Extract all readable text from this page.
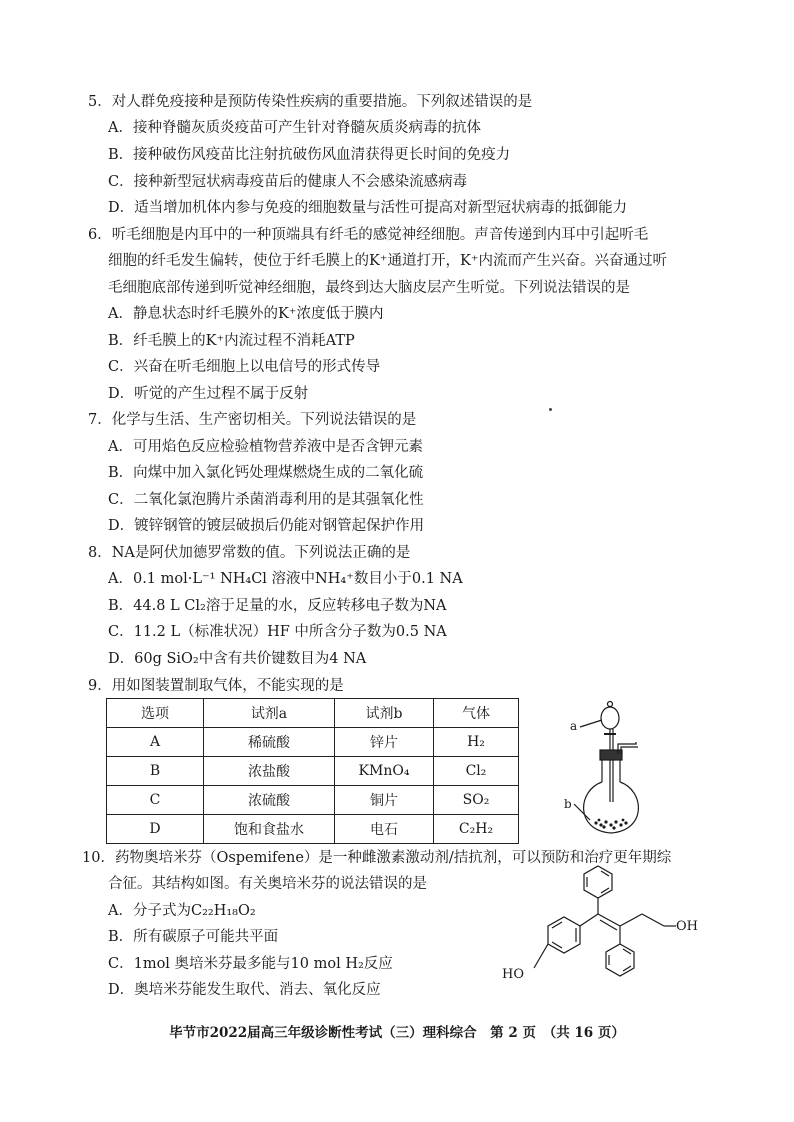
5．对人群免疫接种是预防传染性疾病的重要措施。下列叙述错误的是
A．接种脊髓灰质炎疫苗可产生针对脊髓灰质炎病毒的抗体
B．接种破伤风疫苗比注射抗破伤风血清获得更长时间的免疫力
C．接种新型冠状病毒疫苗后的健康人不会感染流感病毒
D．适当增加机体内参与免疫的细胞数量与活性可提高对新型冠状病毒的抵御能力
6．听毛细胞是内耳中的一种顶端具有纤毛的感觉神经细胞。声音传递到内耳中引起听毛
细胞的纤毛发生偏转，使位于纤毛膜上的K⁺通道打开，K⁺内流而产生兴奋。兴奋通过听
毛细胞底部传递到听觉神经细胞，最终到达大脑皮层产生听觉。下列说法错误的是
A．静息状态时纤毛膜外的K⁺浓度低于膜内
B．纤毛膜上的K⁺内流过程不消耗ATP
C．兴奋在听毛细胞上以电信号的形式传导
D．听觉的产生过程不属于反射
7．化学与生活、生产密切相关。下列说法错误的是
A．可用焰色反应检验植物营养液中是否含钾元素
B．向煤中加入氯化钙处理煤燃烧生成的二氧化硫
C．二氧化氯泡腾片杀菌消毒利用的是其强氧化性
D．镀锌钢管的镀层破损后仍能对钢管起保护作用
8．NA是阿伏加德罗常数的值。下列说法正确的是
A．0.1 mol·L⁻¹ NH₄Cl 溶液中NH₄⁺数目小于0.1 NA
B．44.8 L Cl₂溶于足量的水，反应转移电子数为NA
C．11.2 L（标准状况）HF 中所含分子数为0.5 NA
D．60g SiO₂中含有共价键数目为4 NA
9．用如图装置制取气体，不能实现的是
选项	试剂a	试剂b	气体
A	稀硫酸	锌片	H₂
B	浓盐酸	KMnO₄	Cl₂
C	浓硫酸	铜片	SO₂
D	饱和食盐水	电石	C₂H₂
a
b
10．药物奥培米芬（Ospemifene）是一种雌激素激动剂/拮抗剂，可以预防和治疗更年期综
合征。其结构如图。有关奥培米芬的说法错误的是
A．分子式为C₂₂H₁₈O₂
B．所有碳原子可能共平面
C．1mol 奥培米芬最多能与10 mol H₂反应
D．奥培米芬能发生取代、消去、氧化反应
OH
HO
毕节市2022届高三年级诊断性考试（三）理科综合　第 2 页　（共 16 页）
